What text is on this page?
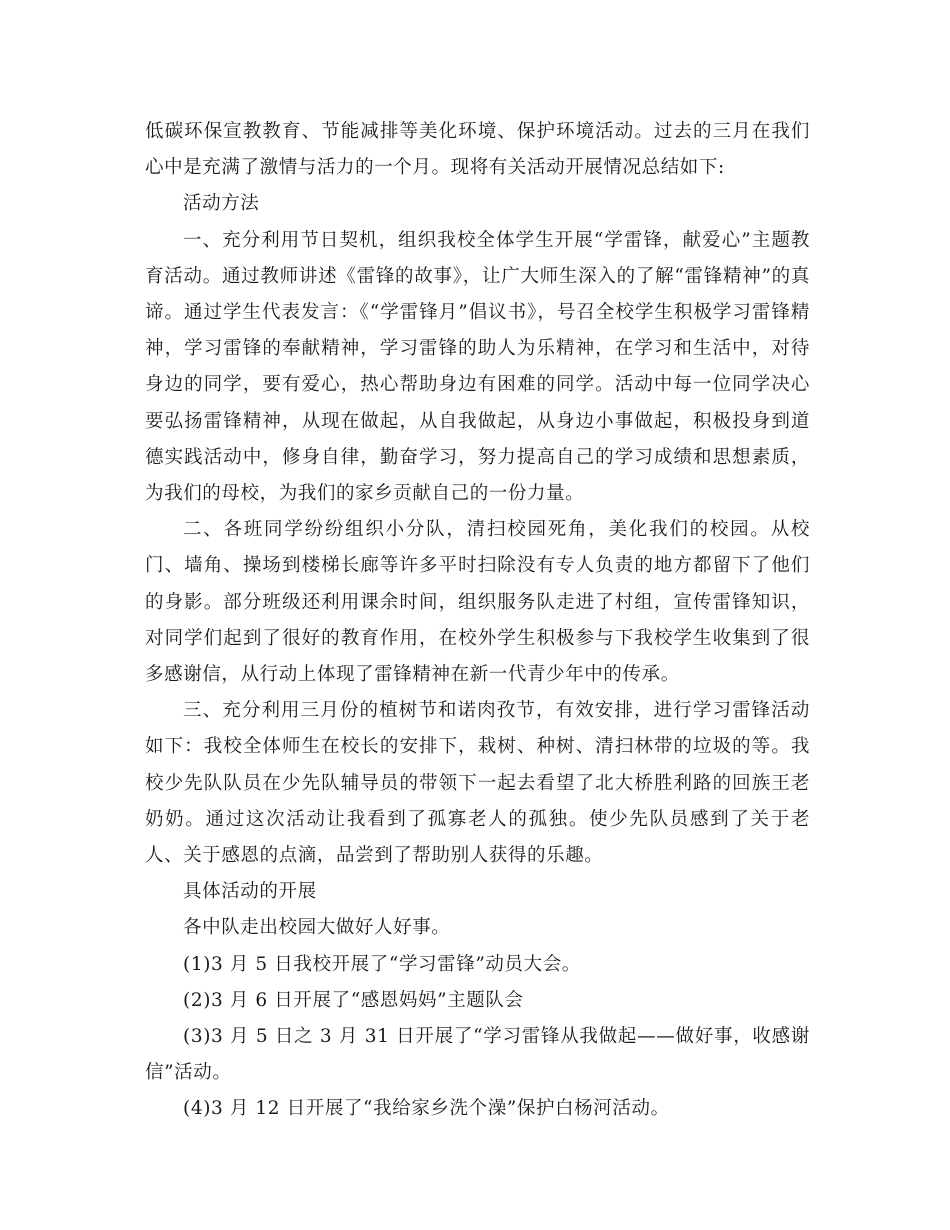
低碳环保宣教教育、节能减排等美化环境、保护环境活动。过去的三月在我们心中是充满了激情与活力的一个月。现将有关活动开展情况总结如下:

活动方法

一、充分利用节日契机，组织我校全体学生开展“学雷锋，献爱心”主题教育活动。通过教师讲述《雷锋的故事》，让广大师生深入的了解“雷锋精神”的真谛。通过学生代表发言：《“学雷锋月”倡议书》，号召全校学生积极学习雷锋精神，学习雷锋的奉献精神，学习雷锋的助人为乐精神，在学习和生活中，对待身边的同学，要有爱心，热心帮助身边有困难的同学。活动中每一位同学决心要弘扬雷锋精神，从现在做起，从自我做起，从身边小事做起，积极投身到道德实践活动中，修身自律，勤奋学习，努力提高自己的学习成绩和思想素质，为我们的母校，为我们的家乡贡献自己的一份力量。

二、各班同学纷纷组织小分队，清扫校园死角，美化我们的校园。从校门、墙角、操场到楼梯长廊等许多平时扫除没有专人负责的地方都留下了他们的身影。部分班级还利用课余时间，组织服务队走进了村组，宣传雷锋知识，对同学们起到了很好的教育作用，在校外学生积极参与下我校学生收集到了很多感谢信，从行动上体现了雷锋精神在新一代青少年中的传承。

三、充分利用三月份的植树节和诺肉孜节，有效安排，进行学习雷锋活动如下：我校全体师生在校长的安排下，栽树、种树、清扫林带的垃圾的等。我校少先队队员在少先队辅导员的带领下一起去看望了北大桥胜利路的回族王老奶奶。通过这次活动让我看到了孤寡老人的孤独。使少先队员感到了关于老人、关于感恩的点滴，品尝到了帮助别人获得的乐趣。

具体活动的开展

各中队走出校园大做好人好事。

(1)3 月 5 日我校开展了“学习雷锋”动员大会。

(2)3 月 6 日开展了“感恩妈妈”主题队会

(3)3 月 5 日之 3 月 31 日开展了“学习雷锋从我做起——做好事，收感谢信”活动。

(4)3 月 12 日开展了“我给家乡洗个澡”保护白杨河活动。
